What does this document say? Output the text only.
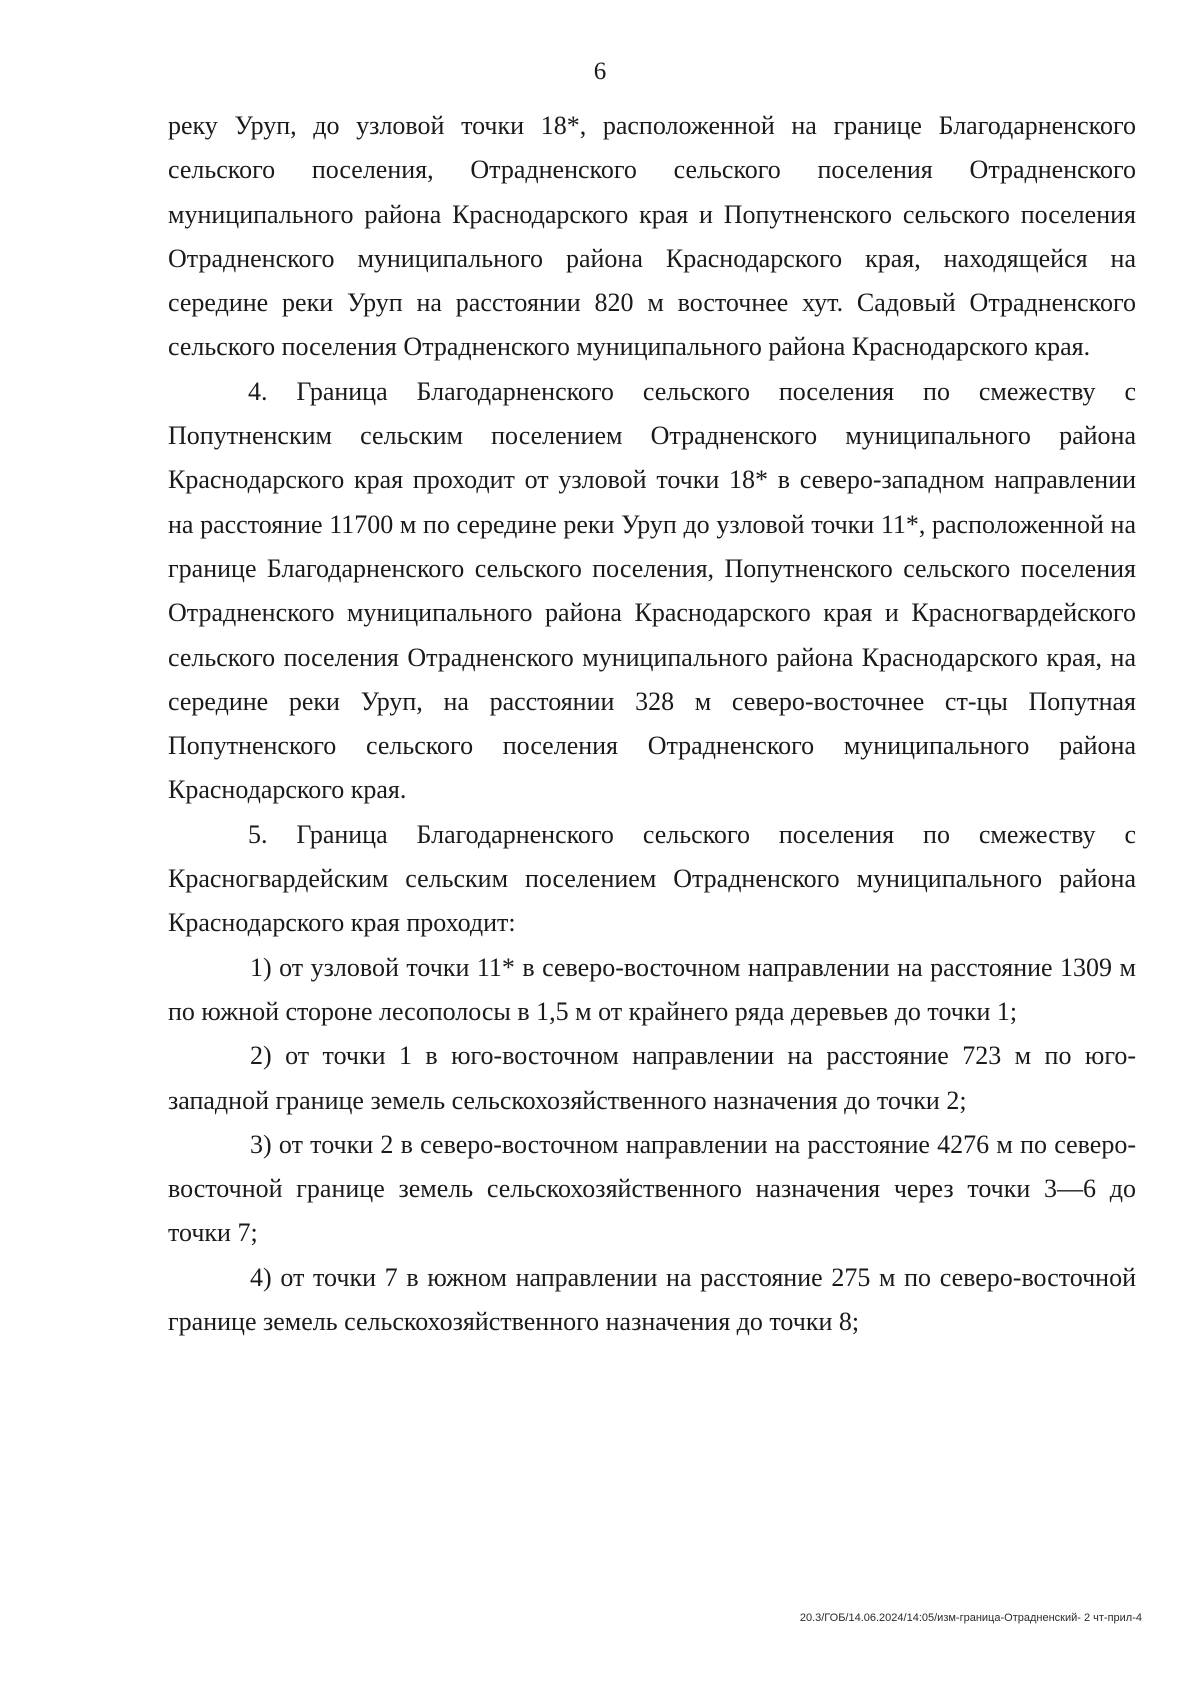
6

реку Уруп, до узловой точки 18*, расположенной на границе Благодарненского сельского поселения, Отрадненского сельского поселения Отрадненского муниципального района Краснодарского края и Попутненского сельского поселения Отрадненского муниципального района Краснодарского края, находящейся на середине реки Уруп на расстоянии 820 м восточнее хут. Садовый Отрадненского сельского поселения Отрадненского муниципального района Краснодарского края.

4. Граница Благодарненского сельского поселения по смежеству с Попутненским сельским поселением Отрадненского муниципального района Краснодарского края проходит от узловой точки 18* в северо-западном направлении на расстояние 11700 м по середине реки Уруп до узловой точки 11*, расположенной на границе Благодарненского сельского поселения, Попутненского сельского поселения Отрадненского муниципального района Краснодарского края и Красногвардейского сельского поселения Отрадненского муниципального района Краснодарского края, на середине реки Уруп, на расстоянии 328 м северо-восточнее ст-цы Попутная Попутненского сельского поселения Отрадненского муниципального района Краснодарского края.

5. Граница Благодарненского сельского поселения по смежеству с Красногвардейским сельским поселением Отрадненского муниципального района Краснодарского края проходит:

1) от узловой точки 11* в северо-восточном направлении на расстояние 1309 м по южной стороне лесополосы в 1,5 м от крайнего ряда деревьев до точки 1;

2) от точки 1 в юго-восточном направлении на расстояние 723 м по юго-западной границе земель сельскохозяйственного назначения до точки 2;

3) от точки 2 в северо-восточном направлении на расстояние 4276 м по северо-восточной границе земель сельскохозяйственного назначения через точки 3—6 до точки 7;

4) от точки 7 в южном направлении на расстояние 275 м по северо-восточной границе земель сельскохозяйственного назначения до точки 8;

20.3/ГОБ/14.06.2024/14:05/изм-граница-Отрадненский- 2 чт-прил-4
